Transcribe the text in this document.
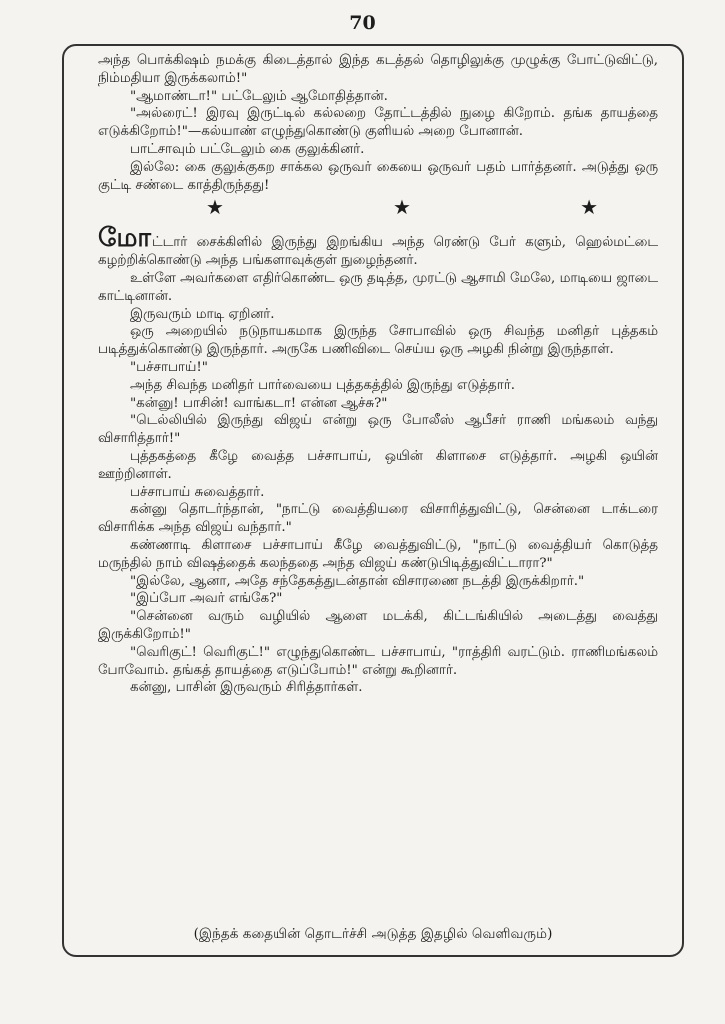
70

அந்த பொக்கிஷம் நமக்கு கிடைத்தால் இந்த கடத்தல் தொழிலுக்கு முழுக்கு போட்டுவிட்டு, நிம்மதியா இருக்கலாம்!"

"ஆமாண்டா!" பட்டேலும் ஆமோதித்தான்.

"அல்ரைட்! இரவு இருட்டில் கல்லறை தோட்டத்தில் நுழை கிறோம். தங்க தாயத்தை எடுக்கிறோம்!"—கல்யாண் எழுந்துகொண்டு குளியல் அறை போனான்.

பாட்சாவும் பட்டேலும் கை குலுக்கினர்.

இல்லே: கை குலுக்குகற சாக்கல ஒருவர் கையை ஒருவர் பதம் பார்த்தனர். அடுத்து ஒரு குட்டி சண்டை காத்திருந்தது!

★	★	★

மோட்டார் சைக்கிளில் இருந்து இறங்கிய அந்த ரெண்டு பேர் களும், ஹெல்மட்டை கழற்றிக்கொண்டு அந்த பங்களாவுக்குள் நுழைந்தனர்.

உள்ளே அவர்களை எதிர்கொண்ட ஒரு தடித்த, முரட்டு ஆசாமி மேலே, மாடியை ஜாடை காட்டினான்.

இருவரும் மாடி ஏறினர்.

ஒரு அறையில் நடுநாயகமாக இருந்த சோபாவில் ஒரு சிவந்த மனிதர் புத்தகம் படித்துக்கொண்டு இருந்தார். அருகே பணிவிடை செய்ய ஒரு அழகி நின்று இருந்தாள்.

"பச்சாபாய்!"

அந்த சிவந்த மனிதர் பார்வையை புத்தகத்தில் இருந்து எடுத்தார்.

"கன்னு! பாசின்! வாங்கடா! என்ன ஆச்சு?"

"டெல்லியில் இருந்து விஜய் என்று ஒரு போலீஸ் ஆபீசர் ராணி மங்கலம் வந்து விசாரித்தார்!"

புத்தகத்தை கீழே வைத்த பச்சாபாய், ஒயின் கிளாசை எடுத்தார். அழகி ஒயின் ஊற்றினாள்.

பச்சாபாய் சுவைத்தார்.

கன்னு தொடர்ந்தான், "நாட்டு வைத்தியரை விசாரித்துவிட்டு, சென்னை டாக்டரை விசாரிக்க அந்த விஜய் வந்தார்."

கண்ணாடி கிளாசை பச்சாபாய் கீழே வைத்துவிட்டு, "நாட்டு வைத்தியர் கொடுத்த மருந்தில் நாம் விஷத்தைக் கலந்ததை அந்த விஜய் கண்டுபிடித்துவிட்டாரா?"

"இல்லே, ஆனா, அதே சந்தேகத்துடன்தான் விசாரணை நடத்தி இருக்கிறார்."

"இப்போ அவர் எங்கே?"

"சென்னை வரும் வழியில் ஆளை மடக்கி, கிட்டங்கியில் அடைத்து வைத்து இருக்கிறோம்!"

"வெரிகுட்! வெரிகுட்!" எழுந்துகொண்ட பச்சாபாய், "ராத்திரி வரட்டும். ராணிமங்கலம் போவோம். தங்கத் தாயத்தை எடுப்போம்!" என்று கூறினார்.

கன்னு, பாசின் இருவரும் சிரித்தார்கள்.

(இந்தக் கதையின் தொடர்ச்சி அடுத்த இதழில் வெளிவரும்)
